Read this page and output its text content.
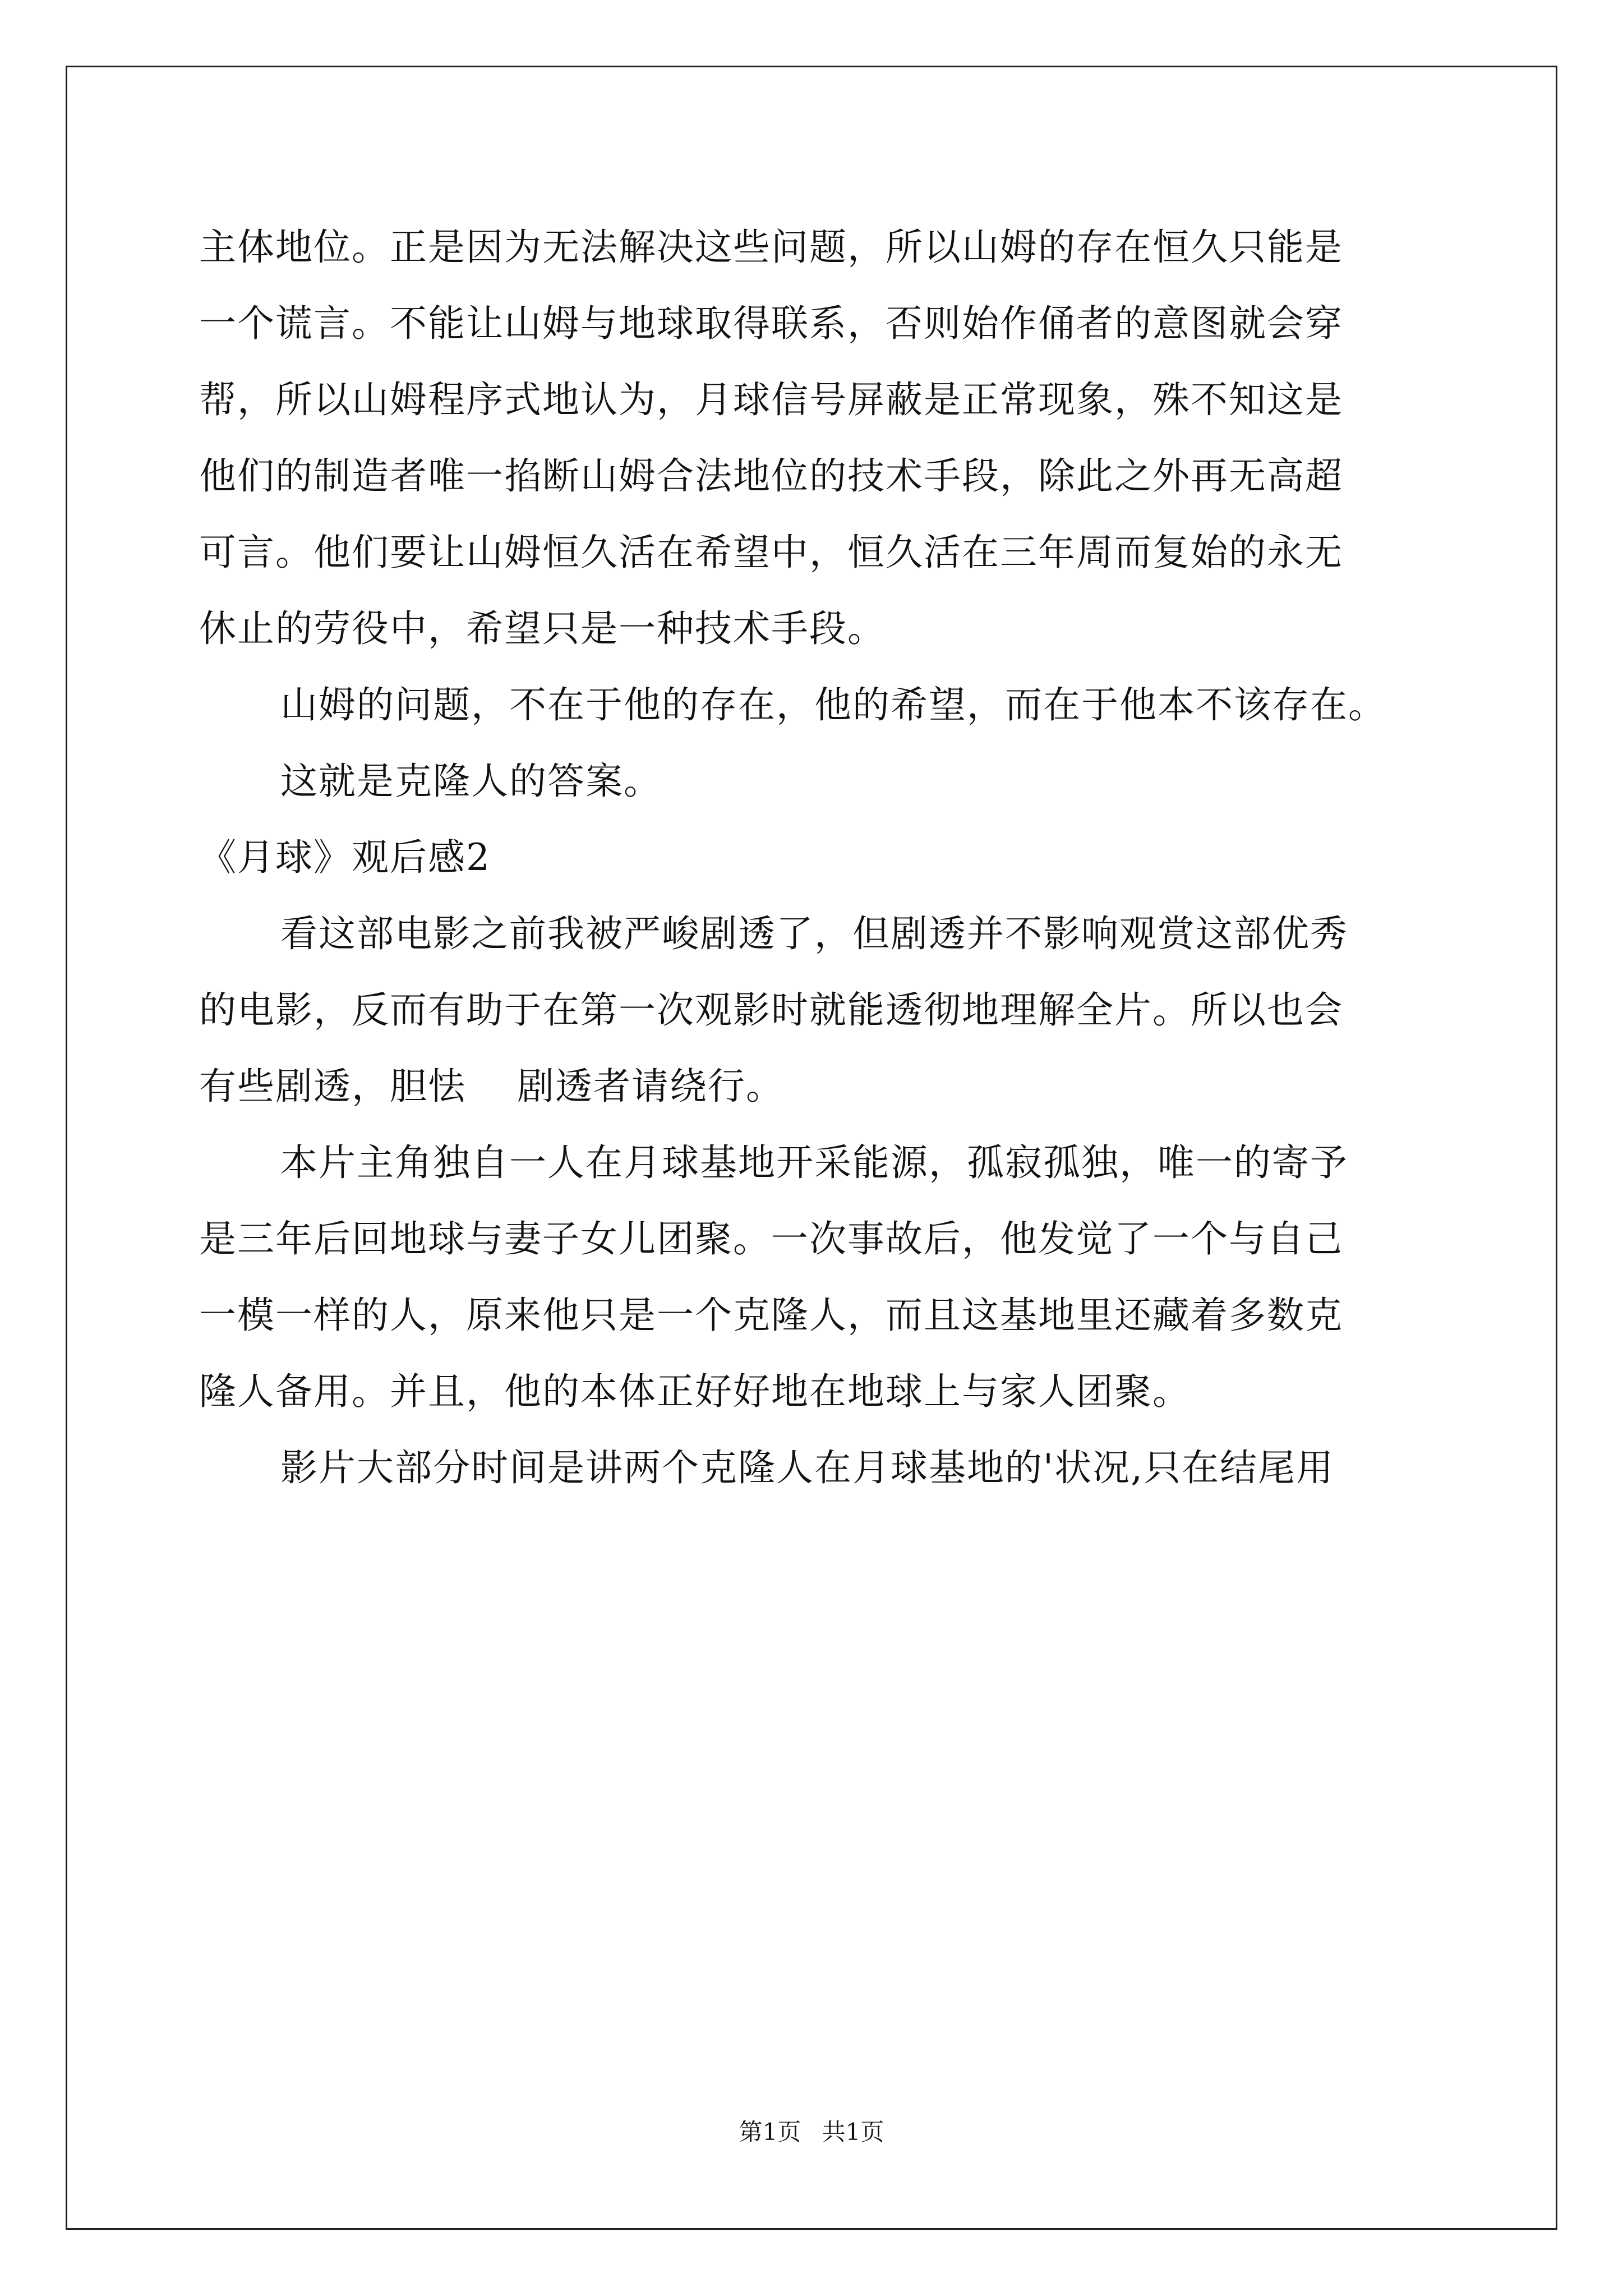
主体地位。正是因为无法解决这些问题，所以山姆的存在恒久只能是
一个谎言。不能让山姆与地球取得联系，否则始作俑者的意图就会穿
帮，所以山姆程序式地认为，月球信号屏蔽是正常现象，殊不知这是
他们的制造者唯一掐断山姆合法地位的技术手段，除此之外再无高超
可言。他们要让山姆恒久活在希望中，恒久活在三年周而复始的永无
休止的劳役中，希望只是一种技术手段。
山姆的问题，不在于他的存在，他的希望，而在于他本不该存在。
这就是克隆人的答案。
《月球》观后感2
看这部电影之前我被严峻剧透了，但剧透并不影响观赏这部优秀
的电影，反而有助于在第一次观影时就能透彻地理解全片。所以也会
有些剧透，胆怯　 剧透者请绕行。
本片主角独自一人在月球基地开采能源，孤寂孤独，唯一的寄予
是三年后回地球与妻子女儿团聚。一次事故后，他发觉了一个与自己
一模一样的人，原来他只是一个克隆人，而且这基地里还藏着多数克
隆人备用。并且，他的本体正好好地在地球上与家人团聚。
影片大部分时间是讲两个克隆人在月球基地的'状况,只在结尾用
第1页 共1页
